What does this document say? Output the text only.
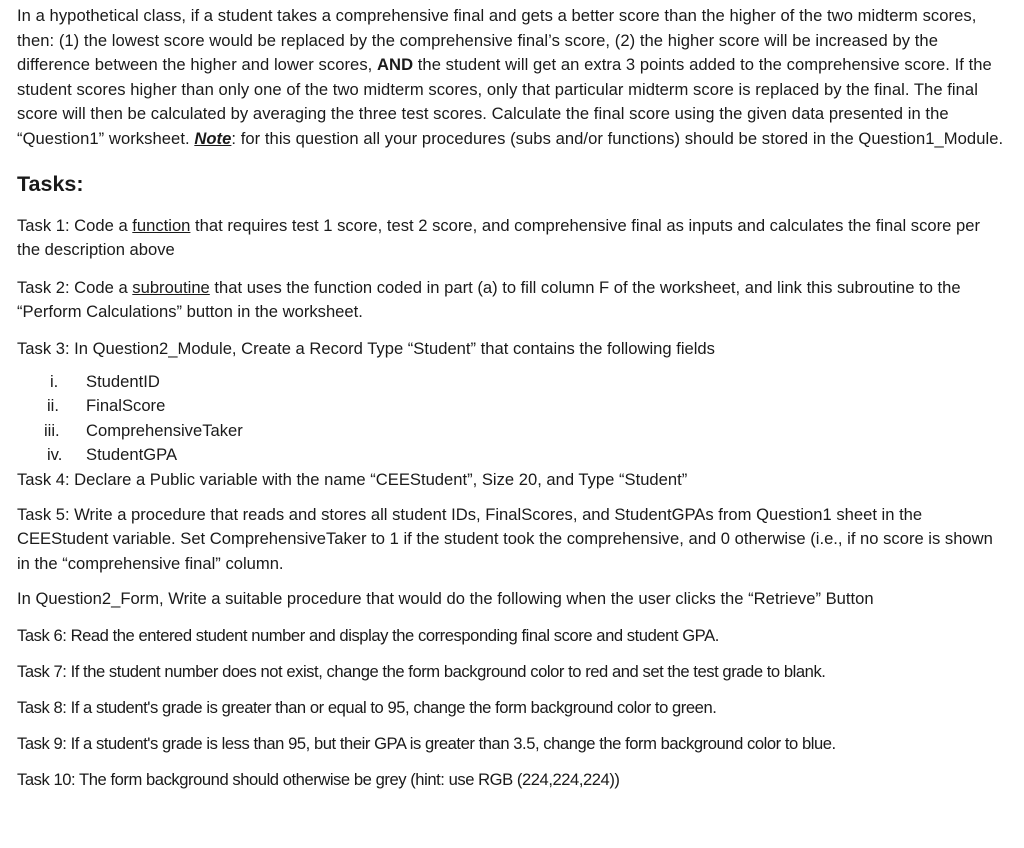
In a hypothetical class, if a student takes a comprehensive final and gets a better score than the higher of the two midterm scores, then: (1) the lowest score would be replaced by the comprehensive final’s score, (2) the higher score will be increased by the difference between the higher and lower scores, AND the student will get an extra 3 points added to the comprehensive score. If the student scores higher than only one of the two midterm scores, only that particular midterm score is replaced by the final. The final score will then be calculated by averaging the three test scores. Calculate the final score using the given data presented in the “Question1” worksheet. Note: for this question all your procedures (subs and/or functions) should be stored in the Question1_Module.

Tasks:

Task 1: Code a function that requires test 1 score, test 2 score, and comprehensive final as inputs and calculates the final score per the description above

Task 2: Code a subroutine that uses the function coded in part (a) to fill column F of the worksheet, and link this subroutine to the “Perform Calculations” button in the worksheet.

Task 3: In Question2_Module, Create a Record Type “Student” that contains the following fields

i.	StudentID
ii.	FinalScore
iii.	ComprehensiveTaker
iv.	StudentGPA

Task 4: Declare a Public variable with the name “CEEStudent”, Size 20, and Type “Student”

Task 5: Write a procedure that reads and stores all student IDs, FinalScores, and StudentGPAs from Question1 sheet in the CEEStudent variable. Set ComprehensiveTaker to 1 if the student took the comprehensive, and 0 otherwise (i.e., if no score is shown in the “comprehensive final” column.

In Question2_Form, Write a suitable procedure that would do the following when the user clicks the “Retrieve” Button

Task 6: Read the entered student number and display the corresponding final score and student GPA.

Task 7: If the student number does not exist, change the form background color to red and set the test grade to blank.

Task 8: If a student's grade is greater than or equal to 95, change the form background color to green.

Task 9: If a student's grade is less than 95, but their GPA is greater than 3.5, change the form background color to blue.

Task 10: The form background should otherwise be grey (hint: use RGB (224,224,224))
